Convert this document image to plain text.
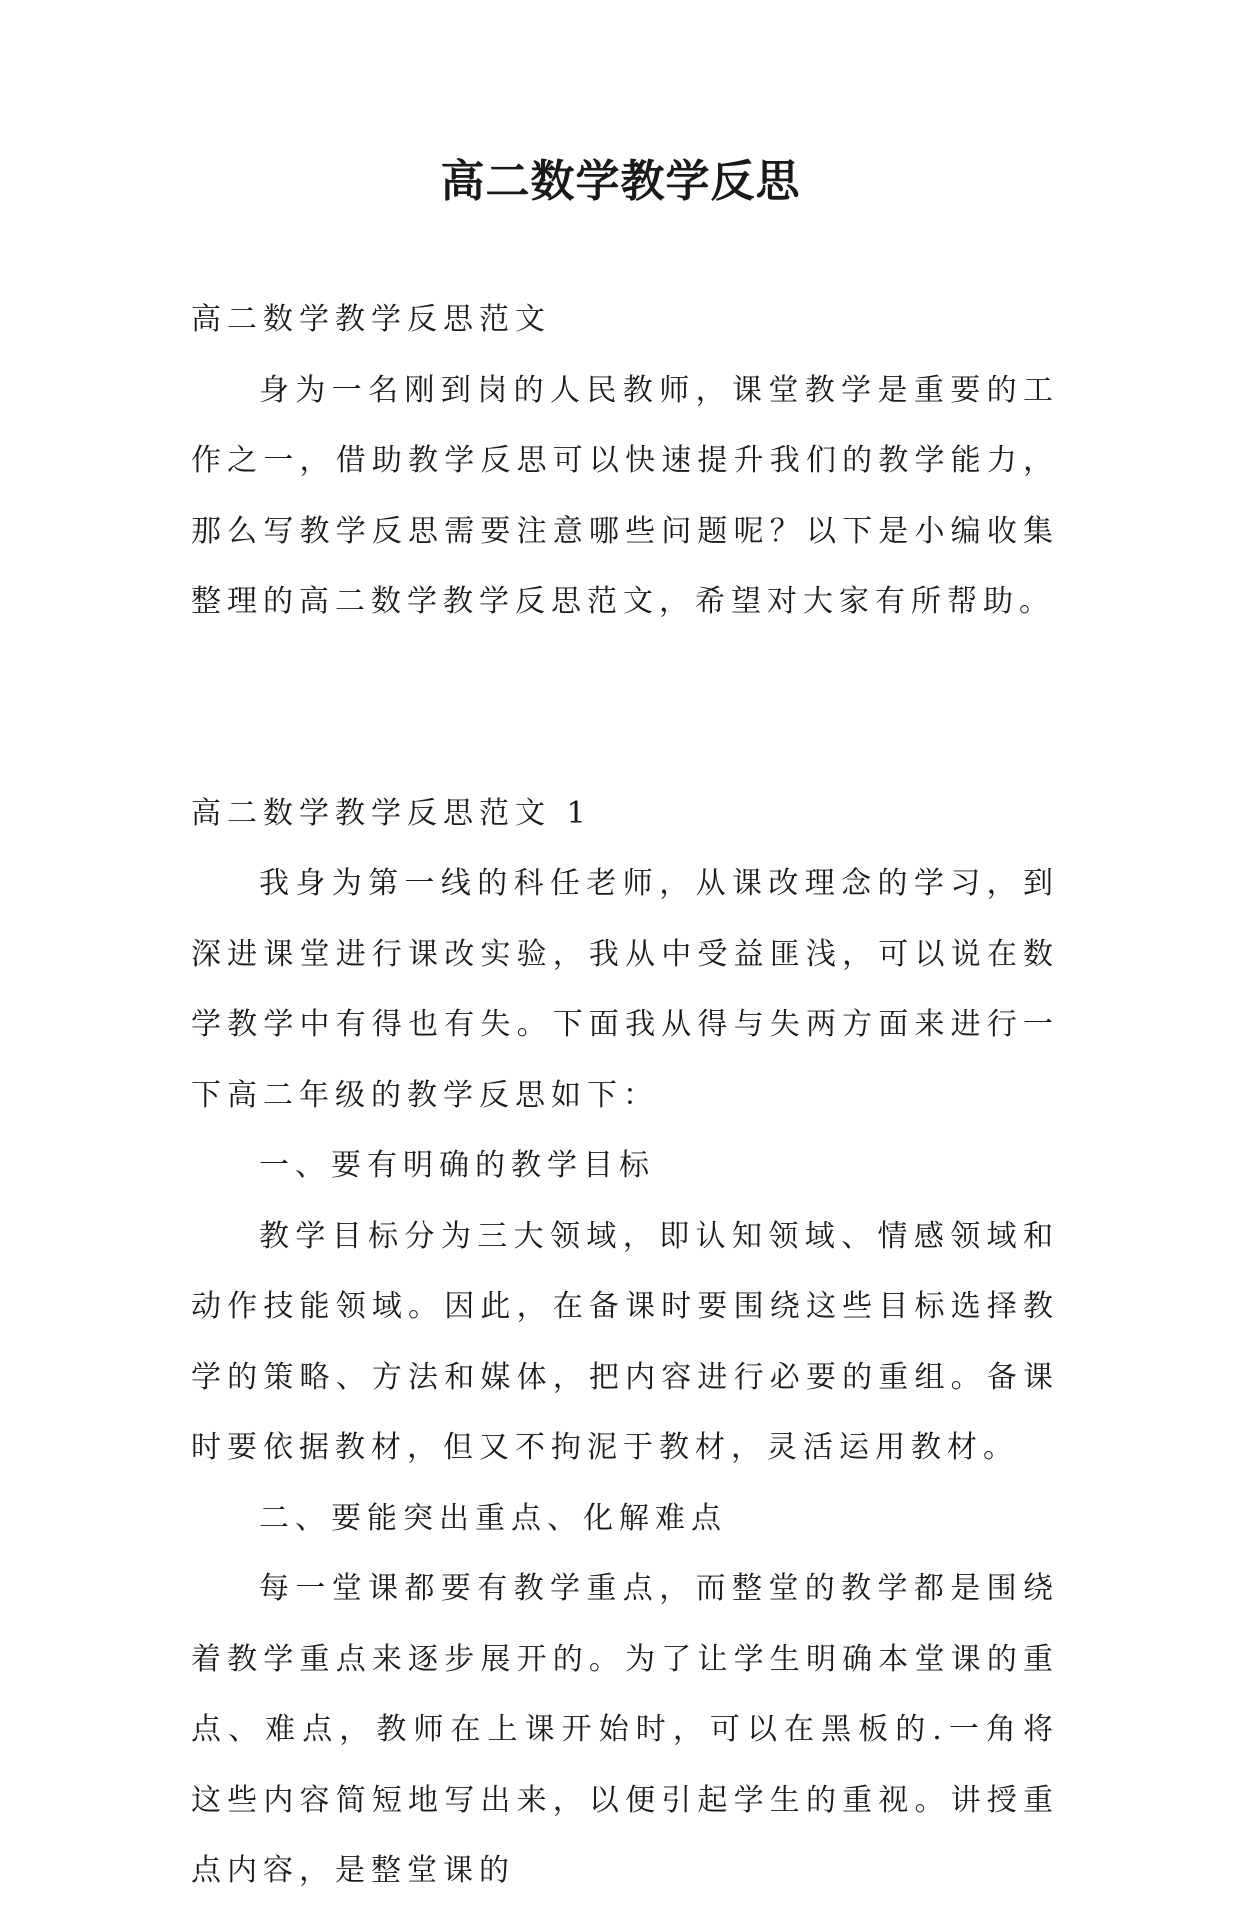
高二数学教学反思

高二数学教学反思范文

身为一名刚到岗的人民教师，课堂教学是重要的工作之一，借助教学反思可以快速提升我们的教学能力，那么写教学反思需要注意哪些问题呢？以下是小编收集整理的高二数学教学反思范文，希望对大家有所帮助。

高二数学教学反思范文 1

我身为第一线的科任老师，从课改理念的学习，到深进课堂进行课改实验，我从中受益匪浅，可以说在数学教学中有得也有失。下面我从得与失两方面来进行一下高二年级的教学反思如下：

一、要有明确的教学目标

教学目标分为三大领域，即认知领域、情感领域和动作技能领域。因此，在备课时要围绕这些目标选择教学的策略、方法和媒体，把内容进行必要的重组。备课时要依据教材，但又不拘泥于教材，灵活运用教材。

二、要能突出重点、化解难点

每一堂课都要有教学重点，而整堂的教学都是围绕着教学重点来逐步展开的。为了让学生明确本堂课的重点、难点，教师在上课开始时，可以在黑板的.一角将这些内容简短地写出来，以便引起学生的重视。讲授重点内容，是整堂课的
